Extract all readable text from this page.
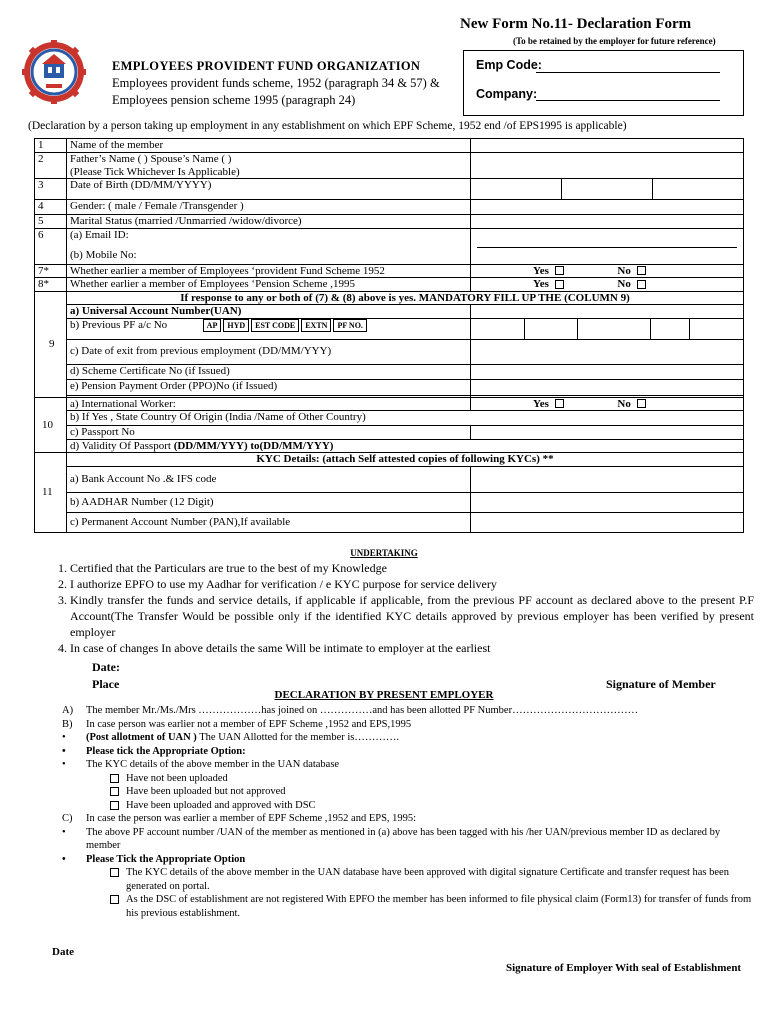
New Form No.11- Declaration Form
(To be retained by the employer for future reference)
EMPLOYEES PROVIDENT FUND ORGANIZATION
Employees provident funds scheme, 1952 (paragraph 34 & 57) &
Employees pension scheme 1995 (paragraph 24)
Emp Code:
Company:
(Declaration by a person taking up employment in any establishment on which EPF Scheme, 1952 end /of EPS1995 is applicable)
1	Name of the member	
2	Father’s Name ( ) Spouse’s Name ( )
(Please Tick Whichever Is Applicable)	

3	Date of Birth (DD/MM/YYYY)	

4	Gender: ( male / Female /Transgender )	
5	Marital Status (married /Unmarried /widow/divorce)	
6	(a) Email ID:
(b) Mobile No:	

7*	Whether earlier a member of Employees ‘provident Fund Scheme 1952	Yes No
8*	Whether earlier a member of Employees ‘Pension Scheme ,1995	Yes No
9	If response to any or both of (7) & (8) above is yes. MANDATORY FILL UP THE (COLUMN 9)	
	a) Universal Account Number(UAN)	
	b) Previous PF a/c No AP HYD EST CODE EXTN PF NO.	

	c) Date of exit from previous employment (DD/MM/YYY)	
	d) Scheme Certificate No (if Issued)	
	e) Pension Payment Order (PPO)No (if Issued)	

10	a) International Worker:	Yes No
	b) If Yes , State Country Of Origin (India /Name of Other Country)	
	c) Passport No	
	d) Validity Of Passport (DD/MM/YYY) to(DD/MM/YYY)	
11	KYC Details: (attach Self attested copies of following KYCs) **	
	a) Bank Account No .& IFS code	
	b) AADHAR Number (12 Digit)	
	c) Permanent Account Number (PAN),If available	
UNDERTAKING
1. Certified that the Particulars are true to the best of my Knowledge
2. I authorize EPFO to use my Aadhar for verification / e KYC purpose for service delivery
3. Kindly transfer the funds and service details, if applicable if applicable, from the previous PF account as declared above to the present P.F Account(The Transfer Would be possible only if the identified KYC details approved by previous employer has been verified by present employer
4. In case of changes In above details the same Will be intimate to employer at the earliest
Date:
Place	Signature of Member
DECLARATION BY PRESENT EMPLOYER
A) The member Mr./Ms./Mrs ………………has joined on ……………and has been allotted PF Number………………………………
B) In case person was earlier not a member of EPF Scheme ,1952 and EPS,1995
• (Post allotment of UAN ) The UAN Allotted for the member is………….
• Please tick the Appropriate Option:
• The KYC details of the above member in the UAN database
Have not been uploaded
Have been uploaded but not approved
Have been uploaded and approved with DSC
C) In case the person was earlier a member of EPF Scheme ,1952 and EPS, 1995:
• The above PF account number /UAN of the member as mentioned in (a) above has been tagged with his /her UAN/previous member ID as declared by member
• Please Tick the Appropriate Option
The KYC details of the above member in the UAN database have been approved with digital signature Certificate and transfer request has been generated on portal.
As the DSC of establishment are not registered With EPFO the member has been informed to file physical claim (Form13) for transfer of funds from his previous establishment.
Date
Signature of Employer With seal of Establishment
